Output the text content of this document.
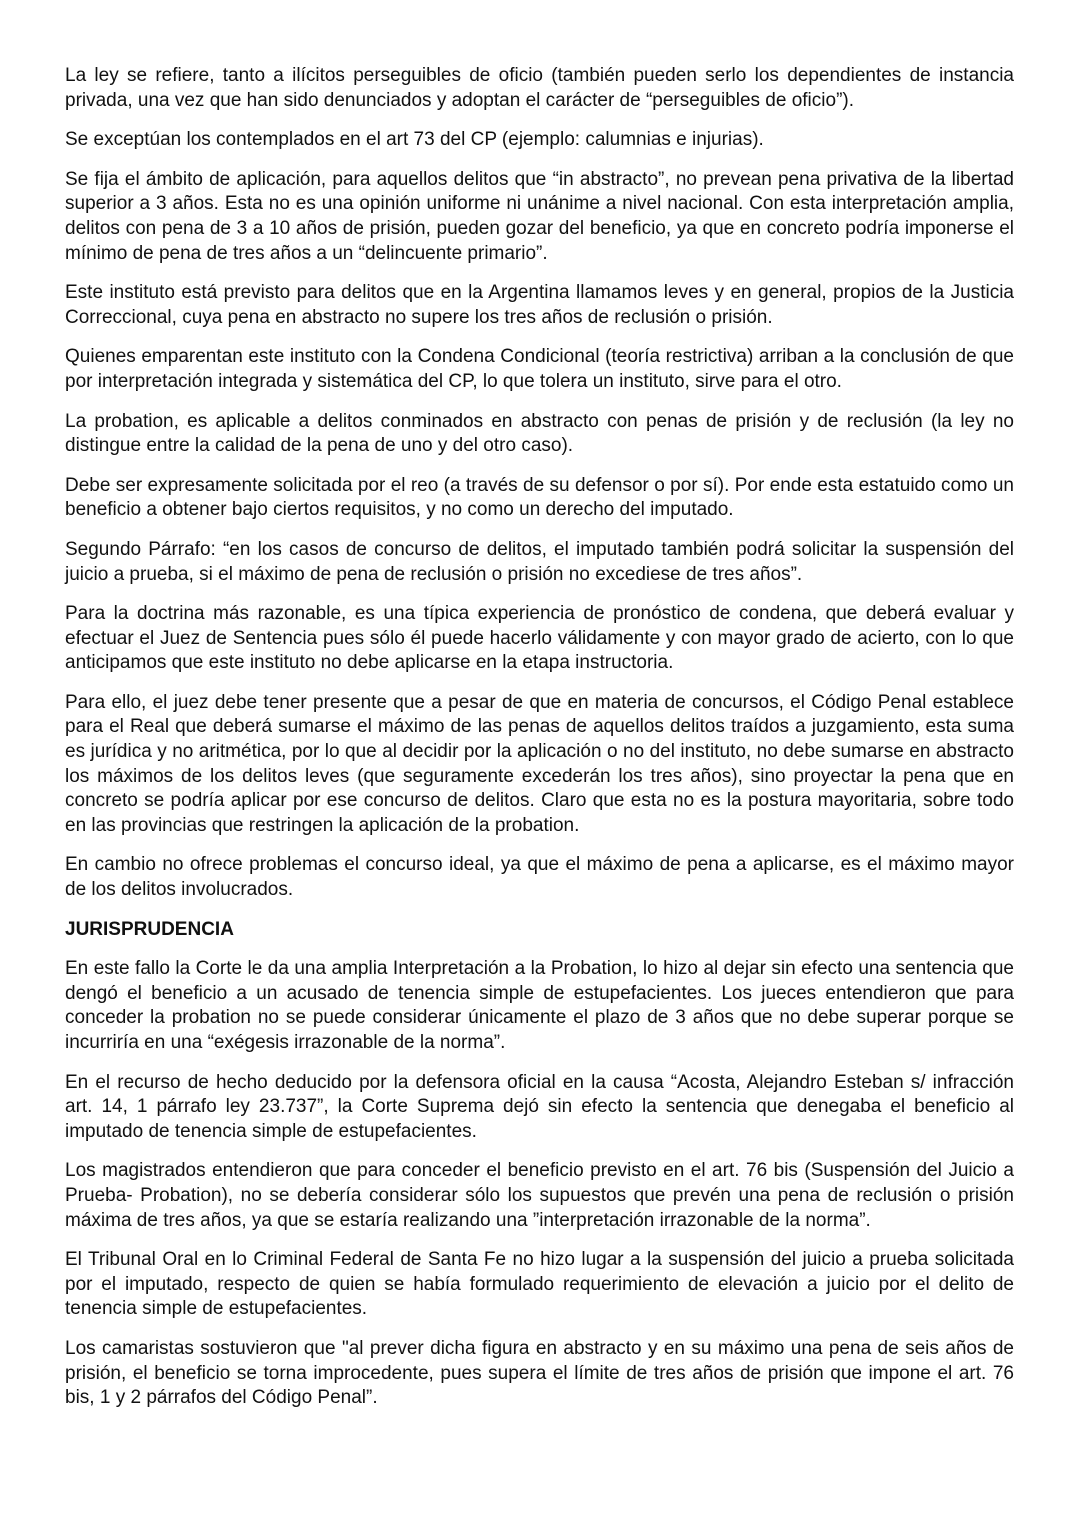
La ley se refiere, tanto a ilícitos perseguibles de oficio (también pueden serlo los dependientes de instancia privada, una vez que han sido denunciados y adoptan el carácter de “perseguibles de oficio”).

Se exceptúan los contemplados en el art 73 del CP (ejemplo: calumnias e injurias).

Se fija el ámbito de aplicación, para aquellos delitos que “in abstracto”, no prevean pena privativa de la libertad superior a 3 años. Esta no es una opinión uniforme ni unánime a nivel nacional. Con esta interpretación amplia, delitos con pena de 3 a 10 años de prisión, pueden gozar del beneficio, ya que en concreto podría imponerse el mínimo de pena de tres años a un “delincuente primario”.

Este instituto está previsto para delitos que en la Argentina llamamos leves y en general, propios de la Justicia Correccional, cuya pena en abstracto no supere los tres años de reclusión o prisión.

Quienes emparentan este instituto con la Condena Condicional (teoría restrictiva) arriban a la conclusión de que por interpretación integrada y sistemática del CP, lo que tolera un instituto, sirve para el otro.

La probation, es aplicable a delitos conminados en abstracto con penas de prisión y de reclusión (la ley no distingue entre la calidad de la pena de uno y del otro caso).

Debe ser expresamente solicitada por el reo (a través de su defensor o por sí). Por ende esta estatuido como un beneficio a obtener bajo ciertos requisitos, y no como un derecho del imputado.

Segundo Párrafo: “en los casos de concurso de delitos, el imputado también podrá solicitar la suspensión del juicio a prueba, si el máximo de pena de reclusión o prisión no excediese de tres años”.

Para la doctrina más razonable, es una típica experiencia de pronóstico de condena, que deberá evaluar y efectuar el Juez de Sentencia pues sólo él puede hacerlo válidamente y con mayor grado de acierto, con lo que anticipamos que este instituto no debe aplicarse en la etapa instructoria.

Para ello, el juez debe tener presente que a pesar de que en materia de concursos, el Código Penal establece para el Real que deberá sumarse el máximo de las penas de aquellos delitos traídos a juzgamiento, esta suma es jurídica y no aritmética, por lo que al decidir por la aplicación o no del instituto, no debe sumarse en abstracto los máximos de los delitos leves (que seguramente excederán los tres años), sino proyectar la pena que en concreto se podría aplicar por ese concurso de delitos. Claro que esta no es la postura mayoritaria, sobre todo en las provincias que restringen la aplicación de la probation.

En cambio no ofrece problemas el concurso ideal, ya que el máximo de pena a aplicarse, es el máximo mayor de los delitos involucrados.

JURISPRUDENCIA

En este fallo la Corte le da una amplia Interpretación a la Probation, lo hizo al dejar sin efecto una sentencia que dengó el beneficio a un acusado de tenencia simple de estupefacientes. Los jueces entendieron que para conceder la probation no se puede considerar únicamente el plazo de 3 años que no debe superar porque se incurriría en una “exégesis irrazonable de la norma”.

En el recurso de hecho deducido por la defensora oficial en la causa “Acosta, Alejandro Esteban s/ infracción art. 14, 1 párrafo ley 23.737”, la Corte Suprema dejó sin efecto la sentencia que denegaba el beneficio al imputado de tenencia simple de estupefacientes.

Los magistrados entendieron que para conceder el beneficio previsto en el art. 76 bis (Suspensión del Juicio a Prueba- Probation), no se debería considerar sólo los supuestos que prevén una pena de reclusión o prisión máxima de tres años, ya que se estaría realizando una ”interpretación irrazonable de la norma”.

El Tribunal Oral en lo Criminal Federal de Santa Fe no hizo lugar a la suspensión del juicio a prueba solicitada por el imputado, respecto de quien se había formulado requerimiento de elevación a juicio por el delito de tenencia simple de estupefacientes.

Los camaristas sostuvieron que "al prever dicha figura en abstracto y en su máximo una pena de seis años de prisión, el beneficio se torna improcedente, pues supera el límite de tres años de prisión que impone el art. 76 bis, 1 y 2 párrafos del Código Penal”.
